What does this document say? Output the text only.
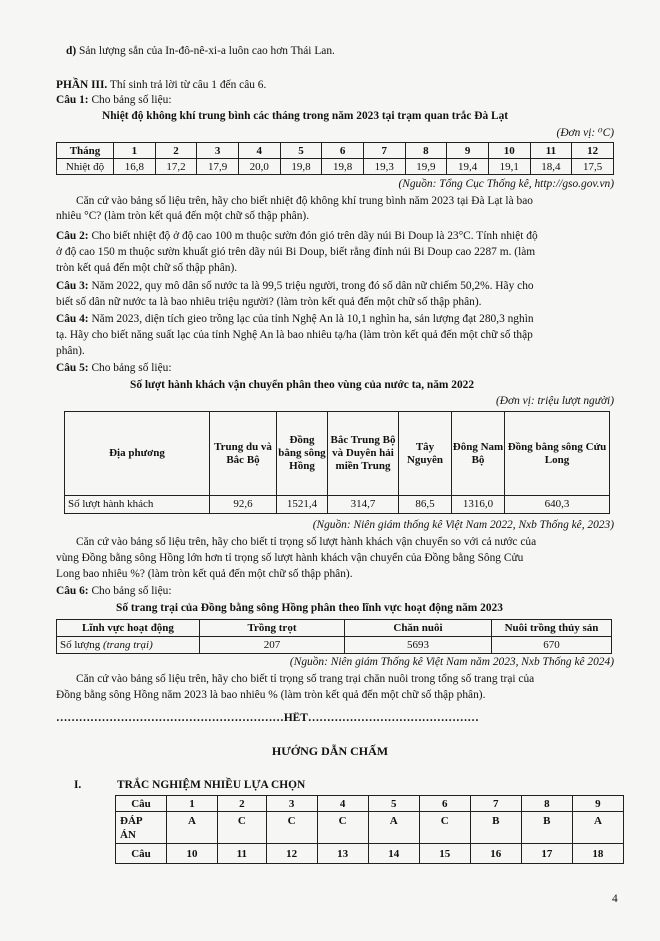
d) Sản lượng sắn của In-đô-nê-xi-a luôn cao hơn Thái Lan.
PHẦN III. Thí sinh trả lời từ câu 1 đến câu 6.
Câu 1: Cho bảng số liệu:
Nhiệt độ không khí trung bình các tháng trong năm 2023 tại trạm quan trắc Đà Lạt
(Đơn vị: ⁰C)
Tháng	1	2	3	4	5	6	7	8	9	10	11	12
Nhiệt độ	16,8	17,2	17,9	20,0	19,8	19,8	19,3	19,9	19,4	19,1	18,4	17,5
(Nguồn: Tổng Cục Thống kê, http://gso.gov.vn)
Căn cứ vào bảng số liệu trên, hãy cho biết nhiệt độ không khí trung bình năm 2023 tại Đà Lạt là bao
nhiêu °C? (làm tròn kết quả đến một chữ số thập phân).
Câu 2: Cho biết nhiệt độ ở độ cao 100 m thuộc sườn đón gió trên dãy núi Bi Doup là 23°C. Tính nhiệt độ
ở độ cao 150 m thuộc sườn khuất gió trên dãy núi Bi Doup, biết rằng đỉnh núi Bi Doup cao 2287 m. (làm
tròn kết quả đến một chữ số thập phân).
Câu 3: Năm 2022, quy mô dân số nước ta là 99,5 triệu người, trong đó số dân nữ chiếm 50,2%. Hãy cho
biết số dân nữ nước ta là bao nhiêu triệu người? (làm tròn kết quả đến một chữ số thập phân).
Câu 4: Năm 2023, diện tích gieo trồng lạc của tỉnh Nghệ An là 10,1 nghìn ha, sản lượng đạt 280,3 nghìn
tạ. Hãy cho biết năng suất lạc của tỉnh Nghệ An là bao nhiêu tạ/ha (làm tròn kết quả đến một chữ số thập
phân).
Câu 5: Cho bảng số liệu:
Số lượt hành khách vận chuyển phân theo vùng của nước ta, năm 2022
(Đơn vị: triệu lượt người)
Địa phương	Trung du và Bắc Bộ	Đồng bằng sông Hồng	Bắc Trung Bộ và Duyên hải miền Trung	Tây Nguyên	Đông Nam Bộ	Đồng bằng sông Cửu Long
Số lượt hành khách	92,6	1521,4	314,7	86,5	1316,0	640,3
(Nguồn: Niên giám thống kê Việt Nam 2022, Nxb Thống kê, 2023)
Căn cứ vào bảng số liệu trên, hãy cho biết tỉ trọng số lượt hành khách vận chuyển so với cả nước của
vùng Đồng bằng sông Hồng lớn hơn tỉ trọng số lượt hành khách vận chuyển của Đồng bằng Sông Cửu
Long bao nhiêu %? (làm tròn kết quả đến một chữ số thập phân).
Câu 6: Cho bảng số liệu:
Số trang trại của Đồng bằng sông Hồng phân theo lĩnh vực hoạt động năm 2023
Lĩnh vực hoạt động	Trồng trọt	Chăn nuôi	Nuôi trồng thủy sản
Số lượng (trang trại)	207	5693	670
(Nguồn: Niên giám Thống kê Việt Nam năm 2023, Nxb Thống kê 2024)
Căn cứ vào bảng số liệu trên, hãy cho biết tỉ trọng số trang trại chăn nuôi trong tổng số trang trại của
Đồng bằng sông Hồng năm 2023 là bao nhiêu % (làm tròn kết quả đến một chữ số thập phân).
……………………………………………………HẾT………………………………………
HƯỚNG DẪN CHẤM
I.	TRẮC NGHIỆM NHIỀU LỰA CHỌN
Câu	1	2	3	4	5	6	7	8	9

ĐÁP
ÁN	A	C	C	C	A	C	B	B	A
Câu	10	11	12	13	14	15	16	17	18
4
